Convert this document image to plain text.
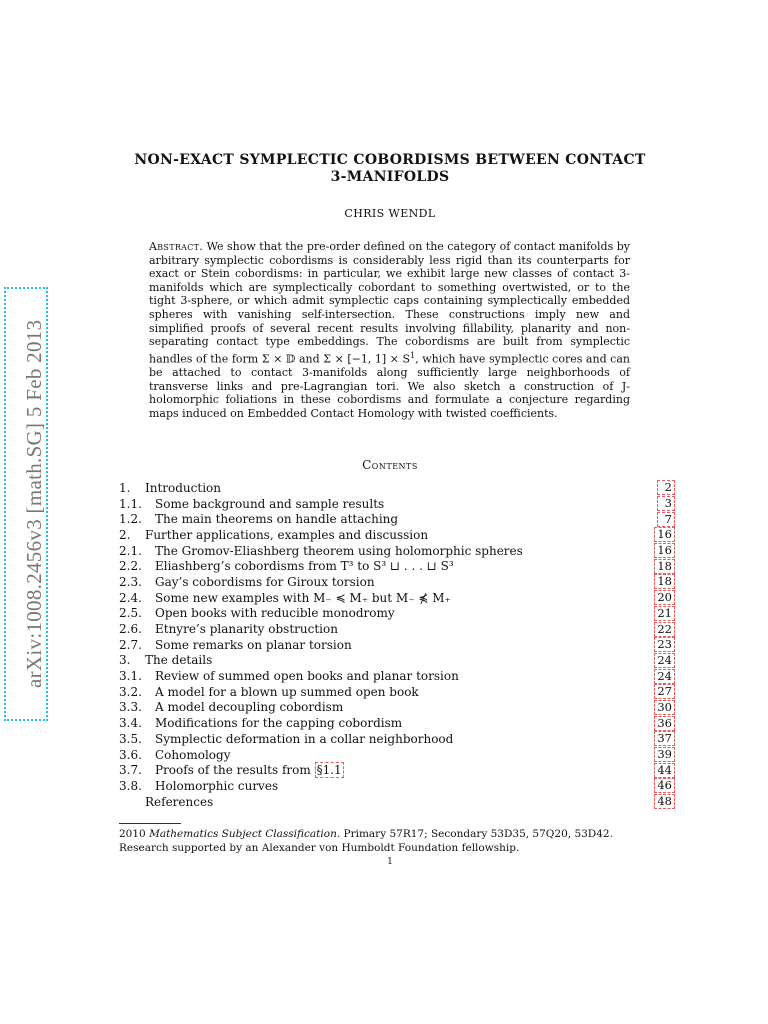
arXiv:1008.2456v3 [math.SG] 5 Feb 2013
NON-EXACT SYMPLECTIC COBORDISMS BETWEEN CONTACT
3-MANIFOLDS
CHRIS WENDL
Abstract. We show that the pre-order defined on the category of contact manifolds by arbitrary symplectic cobordisms is considerably less rigid than its counterparts for exact or Stein cobordisms: in particular, we exhibit large new classes of contact 3-manifolds which are symplectically cobordant to something overtwisted, or to the tight 3-sphere, or which admit symplectic caps containing symplectically embedded spheres with vanishing self-intersection. These constructions imply new and simplified proofs of several recent results involving fillability, planarity and non-separating contact type embeddings. The cobordisms are built from symplectic handles of the form Σ × 𝔻 and Σ × [−1, $1] \times S^1$, which have symplectic cores and can be attached to contact 3-manifolds along sufficiently large neighborhoods of transverse links and pre-Lagrangian tori. We also sketch a construction of J-holomorphic foliations in these cobordisms and formulate a conjecture regarding maps induced on Embedded Contact Homology with twisted coefficients.
Contents
1. Introduction	2
1.1. Some background and sample results	3
1.2. The main theorems on handle attaching	7
2. Further applications, examples and discussion	16
2.1. The Gromov-Eliashberg theorem using holomorphic spheres	16
2.2. Eliashberg’s cobordisms from T³ to S³ ⊔ . . . ⊔ S³	18
2.3. Gay’s cobordisms for Giroux torsion	18
2.4. Some new examples with M₋ ≼ M₊ but M₋ ⋠ M₊	20
2.5. Open books with reducible monodromy	21
2.6. Etnyre’s planarity obstruction	22
2.7. Some remarks on planar torsion	23
3. The details	24
3.1. Review of summed open books and planar torsion	24
3.2. A model for a blown up summed open book	27
3.3. A model decoupling cobordism	30
3.4. Modifications for the capping cobordism	36
3.5. Symplectic deformation in a collar neighborhood	37
3.6. Cohomology	39
3.7. Proofs of the results from §1.1	44
3.8. Holomorphic curves	46
References	48
2010 Mathematics Subject Classification. Primary 57R17; Secondary 53D35, 57Q20, 53D42.
Research supported by an Alexander von Humboldt Foundation fellowship.
1
